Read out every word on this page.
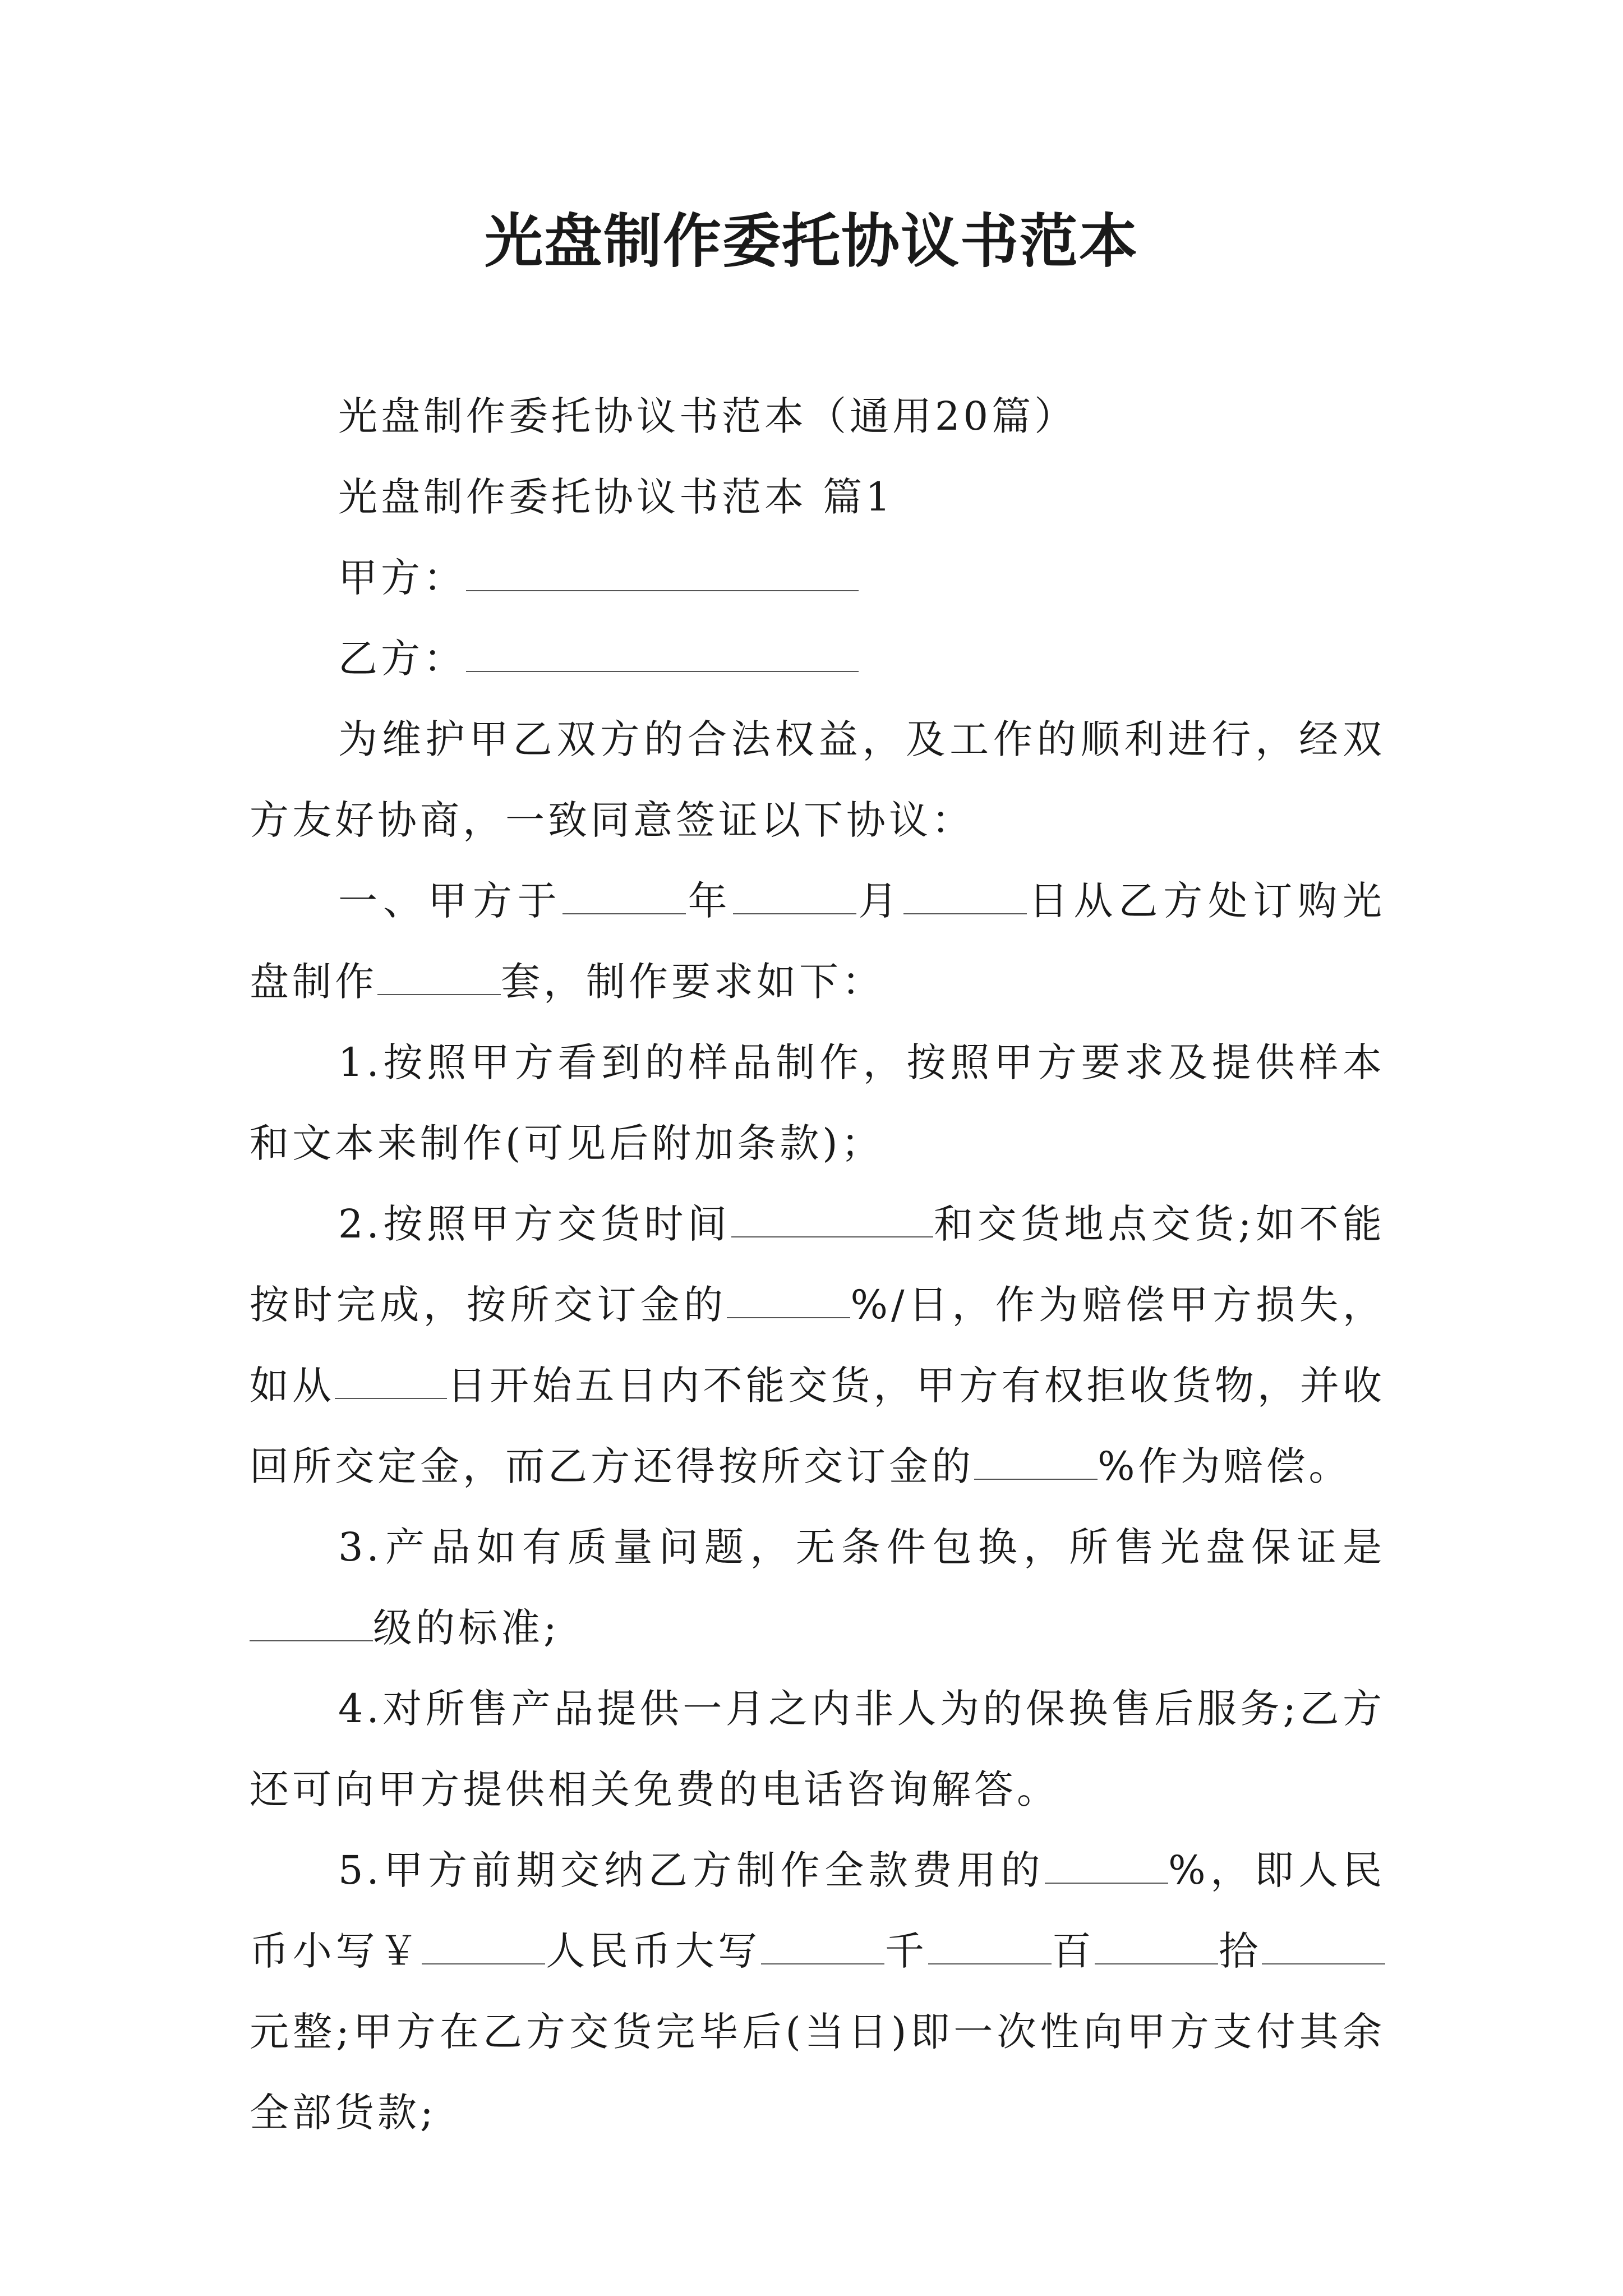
光盘制作委托协议书范本

光盘制作委托协议书范本（通用20篇）

光盘制作委托协议书范本 篇1

甲方：

乙方：

为维护甲乙双方的合法权益，及工作的顺利进行，经双方友好协商，一致同意签证以下协议：

一、甲方于	年	月	日从乙方处订购光盘制作	套，制作要求如下：

1.按照甲方看到的样品制作，按照甲方要求及提供样本和文本来制作(可见后附加条款)；

2.按照甲方交货时间	和交货地点交货;如不能按时完成，按所交订金的	%/日，作为赔偿甲方损失，如从	日开始五日内不能交货，甲方有权拒收货物，并收回所交定金，而乙方还得按所交订金的	%作为赔偿。

3.产品如有质量问题，无条件包换，所售光盘保证是级的标准;

4.对所售产品提供一月之内非人为的保换售后服务;乙方还可向甲方提供相关免费的电话咨询解答。

5.甲方前期交纳乙方制作全款费用的	%，即人民币小写￥	人民币大写	千	百	拾元整;甲方在乙方交货完毕后(当日)即一次性向甲方支付其余全部货款;
